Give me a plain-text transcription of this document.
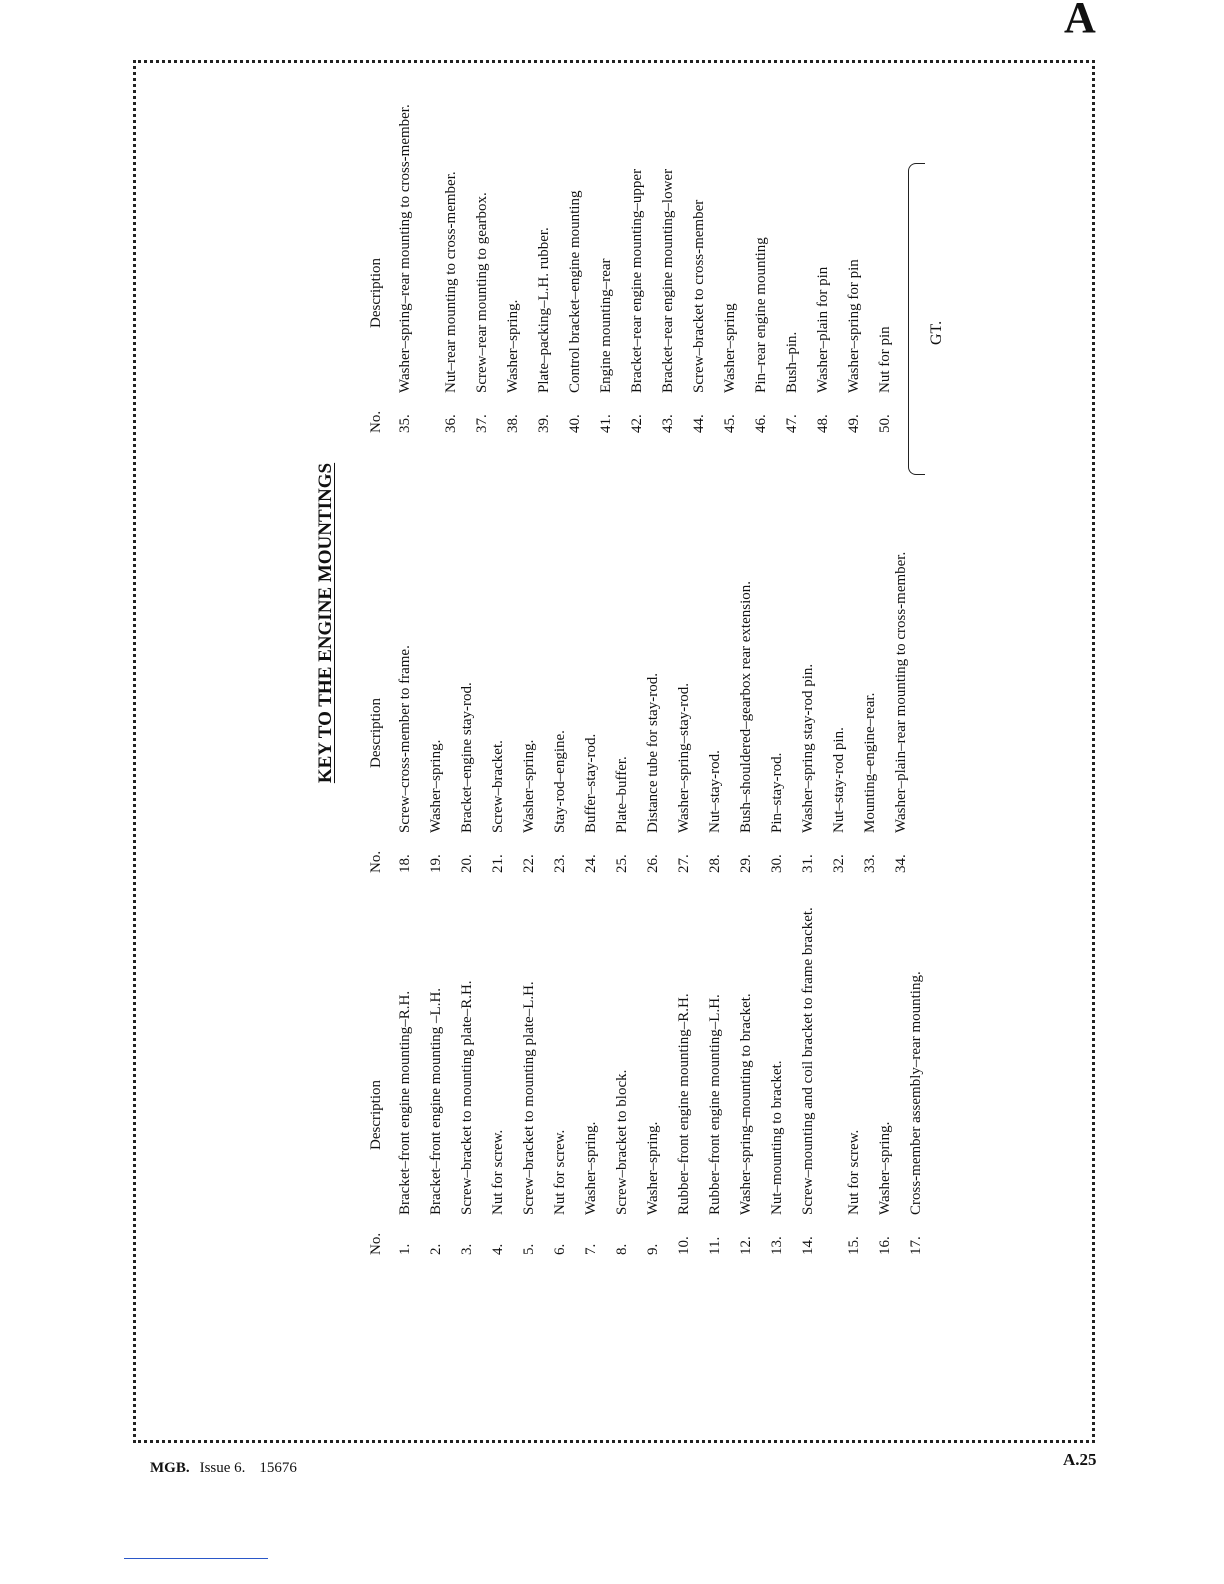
A
KEY TO THE ENGINE MOUNTINGS
No.
Description
1.
Bracket–front engine mounting–R.H.
2.
Bracket–front engine mounting –L.H.
3.
Screw–bracket to mounting plate–R.H.
4.
Nut for screw.
5.
Screw–bracket to mounting plate–L.H.
6.
Nut for screw.
7.
Washer–spring.
8.
Screw–bracket to block.
9.
Washer–spring.
10.
Rubber–front engine mounting–R.H.
11.
Rubber–front engine mounting–L.H.
12.
Washer–spring–mounting to bracket.
13.
Nut–mounting to bracket.
14.
Screw–mounting and coil bracket to frame bracket.
15.
Nut for screw.
16.
Washer–spring.
17.
Cross-member assembly–rear mounting.
No.
Description
18.
Screw–cross-member to frame.
19.
Washer–spring.
20.
Bracket–engine stay-rod.
21.
Screw–bracket.
22.
Washer–spring.
23.
Stay-rod–engine.
24.
Buffer–stay-rod.
25.
Plate–buffer.
26.
Distance tube for stay-rod.
27.
Washer–spring–stay-rod.
28.
Nut–stay-rod.
29.
Bush–shouldered–gearbox rear extension.
30.
Pin–stay-rod.
31.
Washer–spring stay-rod pin.
32.
Nut–stay-rod pin.
33.
Mounting–engine–rear.
34.
Washer–plain–rear mounting to cross-member.
No.
Description
35.
Washer–spring–rear mounting to cross-member.
36.
Nut–rear mounting to cross-member.
37.
Screw–rear mounting to gearbox.
38.
Washer–spring.
39.
Plate–packing–L.H. rubber.
40.
Control bracket–engine mounting
41.
Engine mounting–rear
42.
Bracket–rear engine mounting–upper
43.
Bracket–rear engine mounting–lower
44.
Screw–bracket to cross-member
45.
Washer–spring
46.
Pin–rear engine mounting
47.
Bush–pin.
48.
Washer–plain for pin
49.
Washer–spring for pin
50.
Nut for pin	GT.
MGB. Issue 6. 15676	A.25
